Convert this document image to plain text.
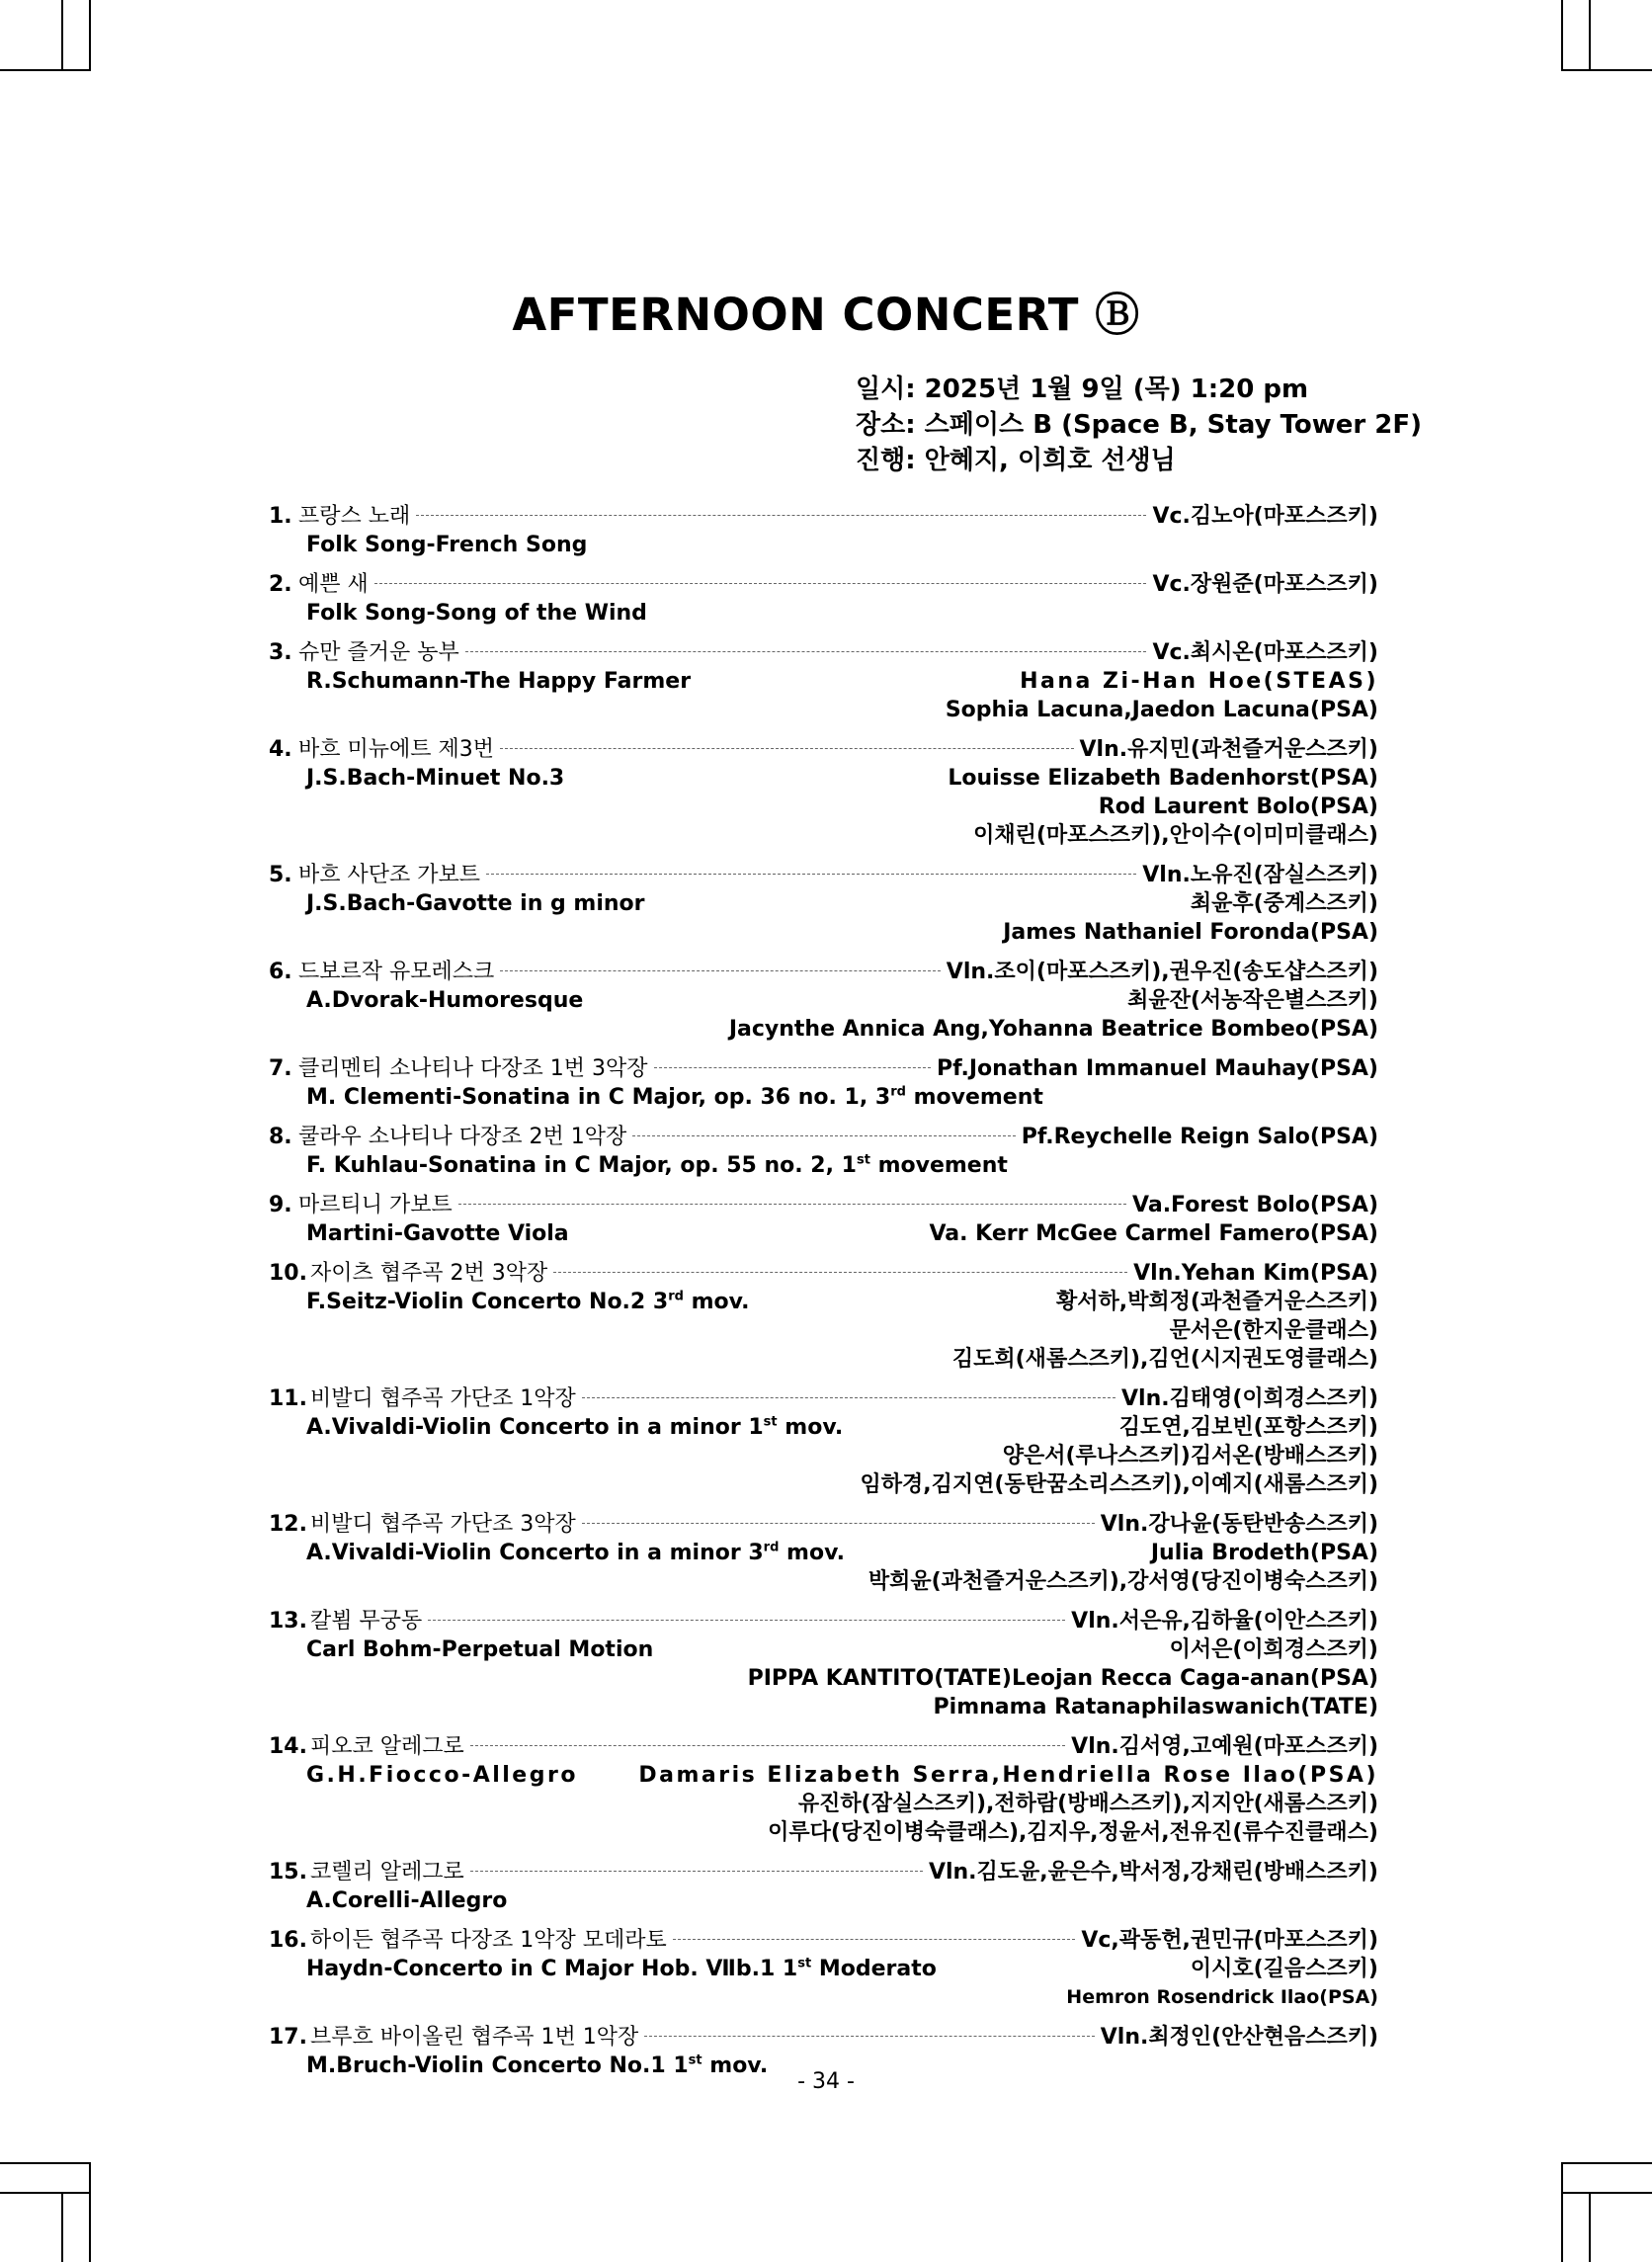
AFTERNOON CONCERT Ⓑ
일시: 2025년 1월 9일 (목) 1:20 pm
장소: 스페이스 B (Space B, Stay Tower 2F)
진행: 안혜지, 이희호 선생님
1. 프랑스 노래	Vc.김노아(마포스즈키)
Folk Song-French Song
2. 예쁜 새	Vc.장원준(마포스즈키)
Folk Song-Song of the Wind
3. 슈만 즐거운 농부	Vc.최시온(마포스즈키)
R.Schumann-The Happy Farmer	Hana Zi-Han Hoe(STEAS)
Sophia Lacuna,Jaedon Lacuna(PSA)
4. 바흐 미뉴에트 제3번	Vln.유지민(과천즐거운스즈키)
J.S.Bach-Minuet No.3	Louisse Elizabeth Badenhorst(PSA)
Rod Laurent Bolo(PSA)
이채린(마포스즈키),안이수(이미미클래스)
5. 바흐 사단조 가보트	Vln.노유진(잠실스즈키)
J.S.Bach-Gavotte in g minor	최윤후(중계스즈키)
James Nathaniel Foronda(PSA)
6. 드보르작 유모레스크	Vln.조이(마포스즈키),권우진(송도샵스즈키)
A.Dvorak-Humoresque	최윤잔(서농작은별스즈키)
Jacynthe Annica Ang,Yohanna Beatrice Bombeo(PSA)
7. 클리멘티 소나티나 다장조 1번 3악장	Pf.Jonathan Immanuel Mauhay(PSA)
M. Clementi-Sonatina in C Major, op. 36 no. 1, 3rd movement
8. 쿨라우 소나티나 다장조 2번 1악장	Pf.Reychelle Reign Salo(PSA)
F. Kuhlau-Sonatina in C Major, op. 55 no. 2, 1st movement
9. 마르티니 가보트	Va.Forest Bolo(PSA)
Martini-Gavotte Viola	Va. Kerr McGee Carmel Famero(PSA)
10. 자이츠 협주곡 2번 3악장	Vln.Yehan Kim(PSA)
F.Seitz-Violin Concerto No.2 3rd mov.	황서하,박희정(과천즐거운스즈키)
문서은(한지운클래스)
김도희(새롬스즈키),김언(시지권도영클래스)
11. 비발디 협주곡 가단조 1악장	Vln.김태영(이희경스즈키)
A.Vivaldi-Violin Concerto in a minor 1st mov.	김도연,김보빈(포항스즈키)
양은서(루나스즈키)김서온(방배스즈키)
임하경,김지연(동탄꿈소리스즈키),이예지(새롬스즈키)
12. 비발디 협주곡 가단조 3악장	Vln.강나윤(동탄반송스즈키)
A.Vivaldi-Violin Concerto in a minor 3rd mov.	Julia Brodeth(PSA)
박희윤(과천즐거운스즈키),강서영(당진이병숙스즈키)
13. 칼뵘 무궁동	Vln.서은유,김하율(이안스즈키)
Carl Bohm-Perpetual Motion	이서은(이희경스즈키)
PIPPA KANTITO(TATE)Leojan Recca Caga-anan(PSA)
Pimnama Ratanaphilaswanich(TATE)
14. 피오코 알레그로	Vln.김서영,고예원(마포스즈키)
G.H.Fiocco-Allegro	Damaris Elizabeth Serra,Hendriella Rose Ilao(PSA)
유진하(잠실스즈키),전하람(방배스즈키),지지안(새롬스즈키)
이루다(당진이병숙클래스),김지우,정윤서,전유진(류수진클래스)
15. 코렐리 알레그로	Vln.김도윤,윤은수,박서정,강채린(방배스즈키)
A.Corelli-Allegro
16. 하이든 협주곡 다장조 1악장 모데라토	Vc,곽동헌,권민규(마포스즈키)
Haydn-Concerto in C Major Hob. Ⅶb.1 1st Moderato	이시호(길음스즈키)
Hemron Rosendrick Ilao(PSA)
17. 브루흐 바이올린 협주곡 1번 1악장	Vln.최정인(안산현음스즈키)
M.Bruch-Violin Concerto No.1 1st mov.
- 34 -
